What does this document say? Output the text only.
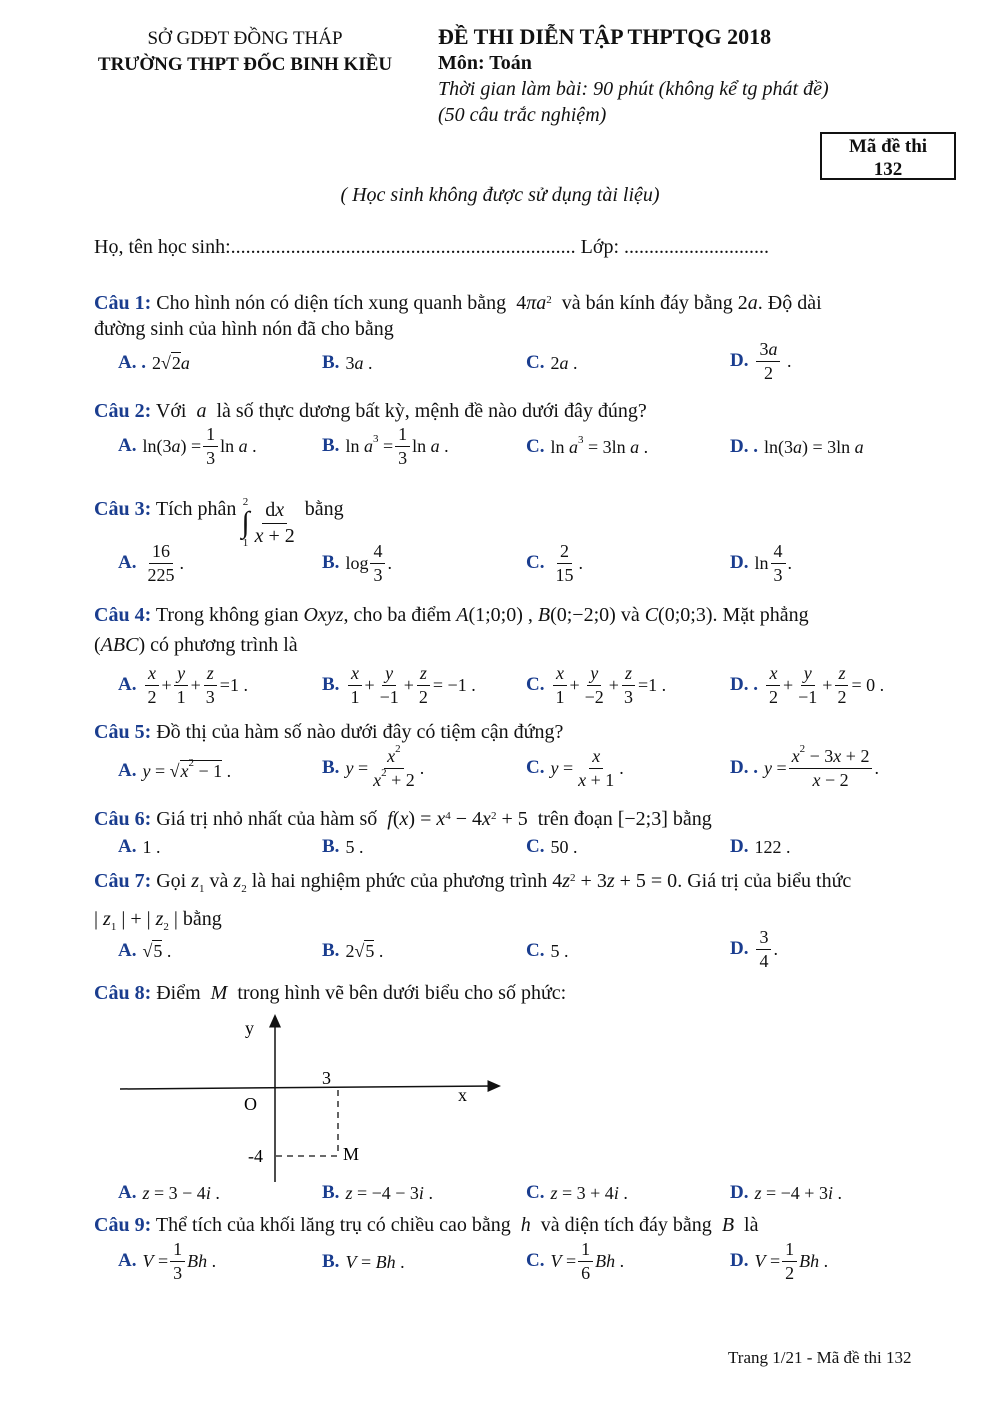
SỞ GDĐT ĐỒNG THÁP
TRƯỜNG THPT ĐỐC BINH KIỀU
ĐỀ THI DIỄN TẬP THPTQG 2018
Môn: Toán
Thời gian làm bài: 90 phút (không kể tg phát đề)
(50 câu trắc nghiệm)
Mã đề thi
132
( Học sinh không được sử dụng tài liệu)
Họ, tên học sinh:..................................................................... Lớp: .............................
Câu 1: Cho hình nón có diện tích xung quanh bằng  $4\pi a^2$ và bán kính đáy bằng 2a. Độ dài
đường sinh của hình nón đã cho bằng
A. . 2√2a	B. 3a .	C. 2a .	D. $\frac{3a}{2}$ .
Câu 2: Với  a  là số thực dương bất kỳ, mệnh đề nào dưới đây đúng?
A. $\ln(3a) = \frac{1}{3}$ ln a .	B. $\ln a^3 = \frac{1}{3}$ ln a .	C. $\ln a^3 = 3\ln$ a .	D. . ln(3a) = 3ln a
Câu 3: Tích phân 2
∫
$1 \frac{dx}{x + 2}$ bằng
A. $\frac{16}{225}$ .	B. $\log \frac{4}{3}$ .	C. $\frac{2}{15}$ .	D. $\ln \frac{4}{3}$ .
Câu 4: Trong không gian Oxyz, cho ba điểm A(1;0;0) , B(0;−2;0) và C(0;0;3). Mặt phẳng
(ABC) có phương trình là
A. $\frac{x}{2} + \frac{y}{1} + \frac{z}{3} =1$ .	B. $\frac{x}{1} + \frac{y}{-1} + \frac{z}{2} = -1$ .	C. $\frac{x}{1} + \frac{y}{-2} + \frac{z}{3} =1$ .	D. . $\frac{x}{2} + \frac{y}{-1} + \frac{z}{2} = 0$ .
Câu 5: Đồ thị của hàm số nào dưới đây có tiệm cận đứng?
A. $y = √x^2 - 1$ .	B. $y = \frac{x^2}{x^2 + 2}$ .	C. $y = \frac{x}{x + 1}$ .	D. . $y = \frac{x^2 - 3x + 2}{x - 2}$ .
Câu 6: Giá trị nhỏ nhất của hàm số $f(x) = x^4 - 4x^2 + 5$  trên đoạn [−2;3] bằng
A. 1 .	B. 5 .	C. 50 .	D. 122 .
Câu 7: Gọi $z_1$ và $z_2$ là hai nghiệm phức của phương trình $4z^2 + 3z + 5 = 0$. Giá trị của biểu thức
| $z_1$ | + | $z_2$ | bằng
A. √5 .	B. 2√5 .	C. 5 .	D. $\frac{3}{4}$ .
Câu 8: Điểm  M  trong hình vẽ bên dưới biểu cho số phức:
y
x
O
3
-4	M
A. z = 3 − 4i .	B. z = −4 − 3i .	C. z = 3 + 4i .	D. z = −4 + 3i .
Câu 9: Thể tích của khối lăng trụ có chiều cao bằng  h  và diện tích đáy bằng  B  là
A. $V = \frac{1}{3}$ Bh .	B. V = Bh .	C. $V = \frac{1}{6}$ Bh .	D. $V = \frac{1}{2}$ Bh .
Trang 1/21 - Mã đề thi 132
